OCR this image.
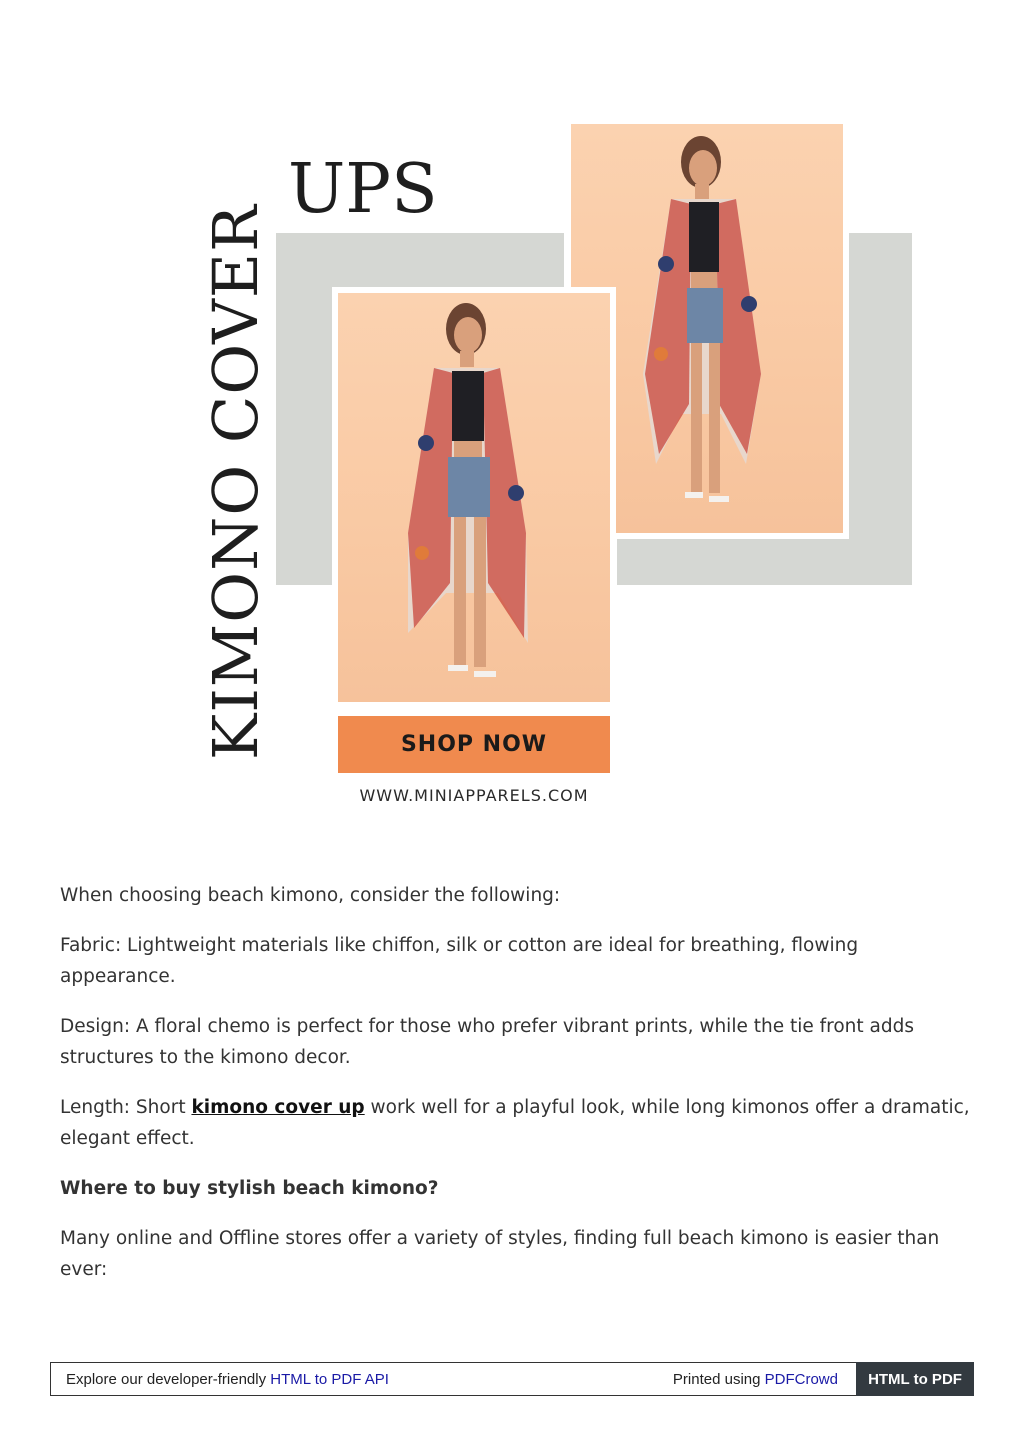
KIMONO COVER
UPS
SHOP NOW
WWW.MINIAPPARELS.COM

When choosing beach kimono, consider the following:

Fabric: Lightweight materials like chiffon, silk or cotton are ideal for breathing, flowing appearance.

Design: A floral chemo is perfect for those who prefer vibrant prints, while the tie front adds structures to the kimono decor.

Length: Short kimono cover up work well for a playful look, while long kimonos offer a dramatic, elegant effect.

Where to buy stylish beach kimono?

Many online and Offline stores offer a variety of styles, finding full beach kimono is easier than ever:

Explore our developer-friendly HTML to PDF API	Printed using PDFCrowd	HTML to PDF
